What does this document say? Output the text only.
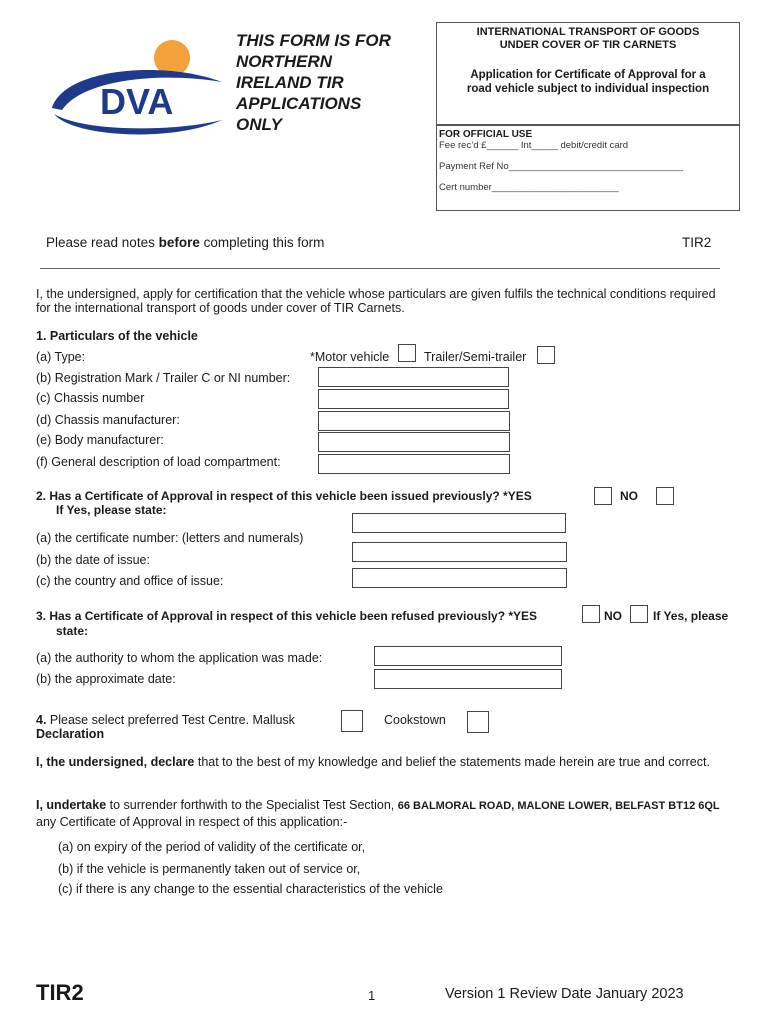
DVA
THIS FORM IS FOR
NORTHERN
IRELAND TIR
APPLICATIONS
ONLY
INTERNATIONAL TRANSPORT OF GOODS
UNDER COVER OF TIR CARNETS
Application for Certificate of Approval for a
road vehicle subject to individual inspection
FOR OFFICIAL USE
Fee rec’d £______ Int_____ debit/credit card
Payment Ref No_________________________________
Cert number________________________
Please read notes before completing this form	TIR2
I, the undersigned, apply for certification that the vehicle whose particulars are given fulfils the technical conditions required for the international transport of goods under cover of TIR Carnets.
1. Particulars of the vehicle
(a) Type:	*Motor vehicle	Trailer/Semi-trailer
(b) Registration Mark / Trailer C or NI number:
(c) Chassis number
(d) Chassis manufacturer:
(e) Body manufacturer:
(f) General description of load compartment:
2. Has a Certificate of Approval in respect of this vehicle been issued previously? *YES	NO
If Yes, please state:
(a) the certificate number: (letters and numerals)
(b) the date of issue:
(c) the country and office of issue:
3. Has a Certificate of Approval in respect of this vehicle been refused previously? *YES	NO	If Yes, please
state:
(a) the authority to whom the application was made:
(b) the approximate date:
4. Please select preferred Test Centre. Mallusk	Cookstown
Declaration
I, the undersigned, declare that to the best of my knowledge and belief the statements made herein are true and correct.
I, undertake to surrender forthwith to the Specialist Test Section, 66 BALMORAL ROAD, MALONE LOWER, BELFAST BT12 6QL any Certificate of Approval in respect of this application:-
(a) on expiry of the period of validity of the certificate or,
(b) if the vehicle is permanently taken out of service or,
(c) if there is any change to the essential characteristics of the vehicle
TIR2	1	Version 1 Review Date January 2023
